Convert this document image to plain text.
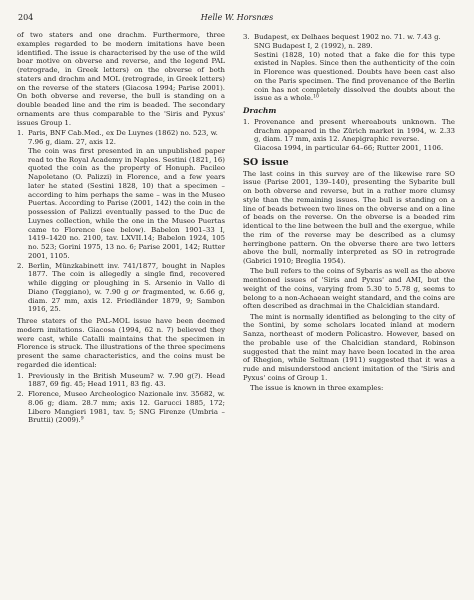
204	Helle W. Horsnæs

of two staters and one drachm. Furthermore, three examples regarded to be modern imitations have been identified. The issue is characterised by the use of the wild boar motive on obverse and reverse, and the legend PAL (retrograde, in Greek letters) on the obverse of both staters and drachm and MOL (retrograde, in Greek letters) on the reverse of the staters (Giacosa 1994; Parise 2001). On both obverse and reverse, the bull is standing on a double beaded line and the rim is beaded. The secondary ornaments are thus comparable to the 'Siris and Pyxus' issues Group 1.

1. Paris, BNF Cab.Med., ex De Luynes (1862) no. 523, w. 7.96 g, diam. 27, axis 12.
The coin was first presented in an unpublished paper read to the Royal Academy in Naples. Sestini (1821, 16) quoted the coin as the property of Honuph. Pacileo Napoletano (O. Palizzi) in Florence, and a few years later he stated (Sestini 1828, 10) that a specimen – according to him perhaps the same – was in the Museo Puertas. According to Parise (2001, 142) the coin in the possession of Palizzi eventually passed to the Duc de Luynes collection, while the one in the Museo Puertas came to Florence (see below). Babelon 1901–33 I, 1419–1420 no. 2100, tav. LXVII.14; Babelon 1924, 105 no. 523; Gorini 1975, 13 no. 6; Parise 2001, 142; Rutter 2001, 1105.
2. Berlin, Münzkabinett inv. 741/1877, bought in Naples 1877. The coin is allegedly a single find, recovered while digging or ploughing in S. Arsenio in Vallo di Diano (Teggiano), w. 7.90 g or fragmented, w. 6.66 g, diam. 27 mm, axis 12. Friedländer 1879, 9; Sambon 1916, 25.

Three staters of the PAL-MOL issue have been deemed modern imitations. Giacosa (1994, 62 n. 7) believed they were cast, while Catalli maintains that the specimen in Florence is struck. The illustrations of the three specimens present the same characteristics, and the coins must be regarded die identical:

1. Previously in the British Museum? w. 7.90 g(?). Head 1887, 69 fig. 45; Head 1911, 83 fig. 43.
2. Florence, Museo Archeologico Nazionale inv. 35682, w. 8.06 g; diam. 28.7 mm; axis 12. Garucci 1885, 172; Libero Mangieri 1981, tav. 5; SNG Firenze (Umbria – Bruttii) (2009).$^9$
3. Budapest, ex Delhaes bequest 1902 no. 71. w. 7.43 g.
SNG Budapest I, 2 (1992), n. 289.
Sestini (1828, 10) noted that a fake die for this type existed in Naples. Since then the authenticity of the coin in Florence was questioned. Doubts have been cast also on the Paris specimen. The find provenance of the Berlin coin has not completely dissolved the doubts about the issue as a whole.$^{10}$
Drachm
1. Provenance and present whereabouts unknown. The drachm appeared in the Zürich market in 1994, w. 2.33 g, diam. 17 mm, axis 12. Anepigraphic reverse.
Giacosa 1994, in particular 64–66; Rutter 2001, 1106.
SO issue

The last coins in this survey are of the likewise rare SO issue (Parise 2001, 139–140), presenting the Sybarite bull on both obverse and reverse, but in a rather more clumsy style than the remaining issues. The bull is standing on a line of beads between two lines on the obverse and on a line of beads on the reverse. On the obverse is a beaded rim identical to the line between the bull and the exergue, while the rim of the reverse may be described as a clumsy herringbone pattern. On the obverse there are two letters above the bull, normally interpreted as SO in retrograde (Gabrici 1910; Breglia 1954).

The bull refers to the coins of Sybaris as well as the above mentioned issues of 'Siris and Pyxus' and AMI, but the weight of the coins, varying from 5.30 to 5.78 g, seems to belong to a non-Achaean weight standard, and the coins are often described as drachmai in the Chalcidian standard.

The mint is normally identified as belonging to the city of the Sontini, by some scholars located inland at modern Sanza, northeast of modern Policastro. However, based on the probable use of the Chalcidian standard, Robinson suggested that the mint may have been located in the area of Rhegion, while Seltman (1911) suggested that it was a rude and misunderstood ancient imitation of the 'Siris and Pyxus' coins of Group 1.

The issue is known in three examples:
